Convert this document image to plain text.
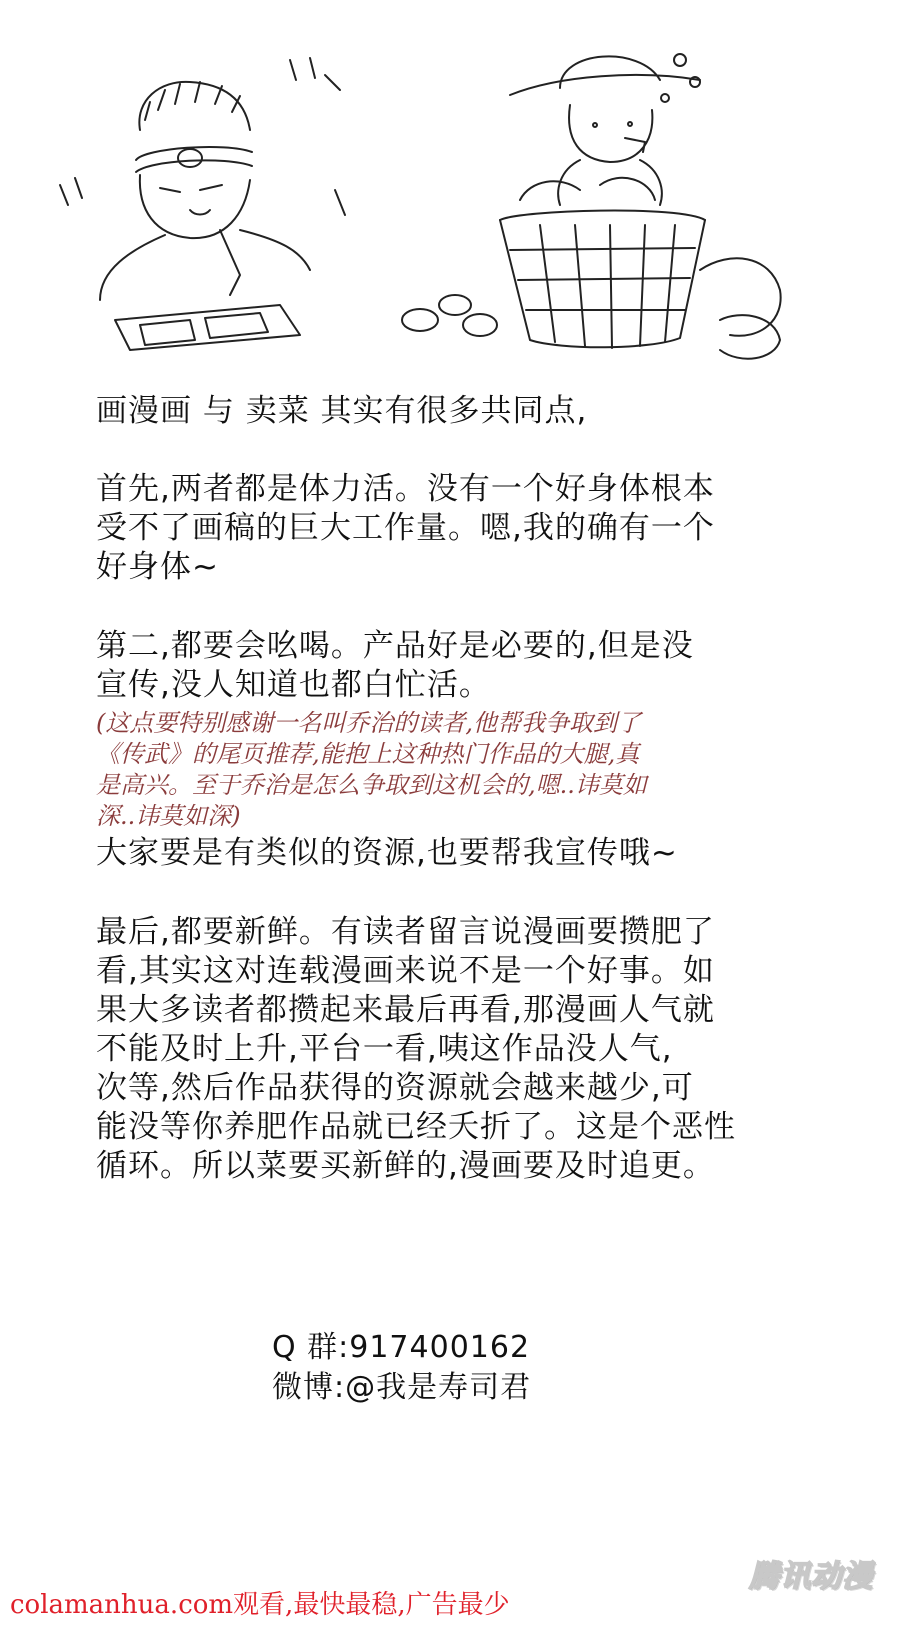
画漫画 与 卖菜 其实有很多共同点,

首先,两者都是体力活。没有一个好身体根本
受不了画稿的巨大工作量。嗯,我的确有一个
好身体~

第二,都要会吆喝。产品好是必要的,但是没
宣传,没人知道也都白忙活。

(这点要特别感谢一名叫乔治的读者,他帮我争取到了
《传武》的尾页推荐,能抱上这种热门作品的大腿,真
是高兴。至于乔治是怎么争取到这机会的,嗯..讳莫如
深..讳莫如深)

大家要是有类似的资源,也要帮我宣传哦~

最后,都要新鲜。有读者留言说漫画要攒肥了
看,其实这对连载漫画来说不是一个好事。如
果大多读者都攒起来最后再看,那漫画人气就
不能及时上升,平台一看,咦这作品没人气,
次等,然后作品获得的资源就会越来越少,可
能没等你养肥作品就已经夭折了。这是个恶性
循环。所以菜要买新鲜的,漫画要及时追更。

Q 群:917400162

微博:@我是寿司君

腾讯动漫

colamanhua.com观看,最快最稳,广告最少
